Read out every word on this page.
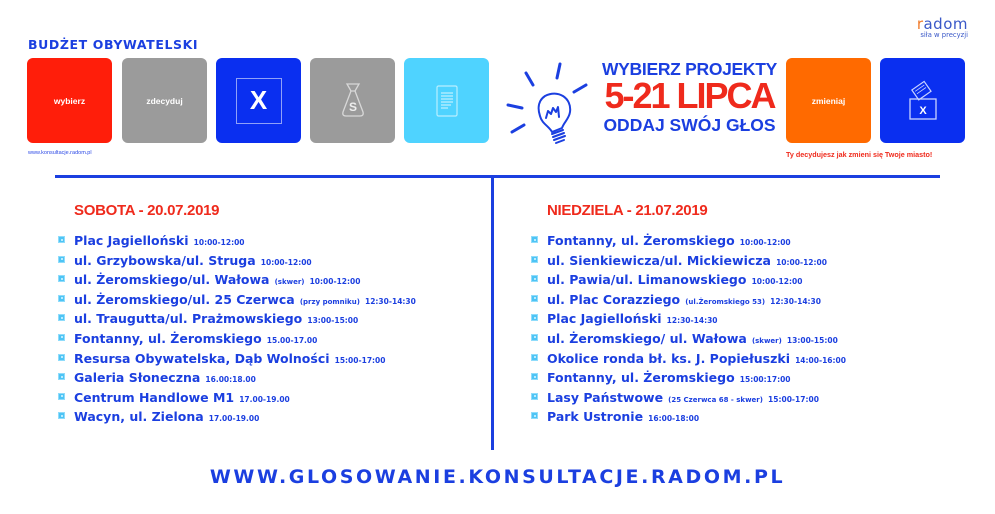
BUDŻET OBYWATELSKI
wybierz	zdecyduj	X	S
www.konsultacje.radom.pl
WYBIERZ PROJEKTY
5-21 LIPCA
ODDAJ SWÓJ GŁOS
zmieniaj
X
Ty decydujesz jak zmieni się Twoje miasto!
radom
siła w precyzji
SOBOTA - 20.07.2019
Plac Jagielloński 10:00-12:00
ul. Grzybowska/ul. Struga 10:00-12:00
ul. Żeromskiego/ul. Wałowa (skwer) 10:00-12:00
ul. Żeromskiego/ul. 25 Czerwca (przy pomniku) 12:30-14:30
ul. Traugutta/ul. Prażmowskiego 13:00-15:00
Fontanny, ul. Żeromskiego 15.00-17.00
Resursa Obywatelska, Dąb Wolności 15:00-17:00
Galeria Słoneczna 16.00:18.00
Centrum Handlowe M1 17.00-19.00
Wacyn, ul. Zielona 17.00-19.00
NIEDZIELA - 21.07.2019
Fontanny, ul. Żeromskiego 10:00-12:00
ul. Sienkiewicza/ul. Mickiewicza 10:00-12:00
ul. Pawia/ul. Limanowskiego 10:00-12:00
ul. Plac Corazziego (ul.Żeromskiego 53) 12:30-14:30
Plac Jagielloński 12:30-14:30
ul. Żeromskiego/ ul. Wałowa (skwer) 13:00-15:00
Okolice ronda bł. ks. J. Popiełuszki 14:00-16:00
Fontanny, ul. Żeromskiego 15:00:17:00
Lasy Państwowe (25 Czerwca 68 - skwer) 15:00-17:00
Park Ustronie 16:00-18:00
WWW.GLOSOWANIE.KONSULTACJE.RADOM.PL
